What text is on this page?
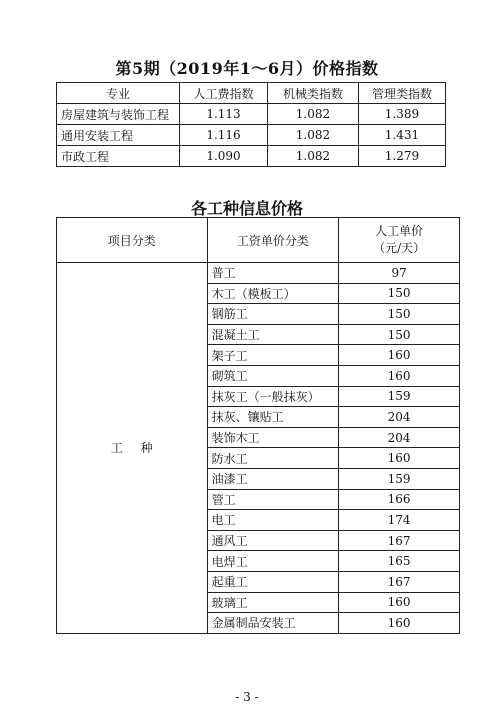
第5期（2019年1～6月）价格指数
专业	人工费指数	机械类指数	管理类指数
房屋建筑与装饰工程	1.113	1.082	1.389
通用安装工程	1.116	1.082	1.431
市政工程	1.090	1.082	1.279
各工种信息价格
项目分类	工资单价分类	人工单价
（元/天）

工种	普工	97
	木工（模板工）	150
	钢筋工	150
	混凝土工	150
	架子工	160
	砌筑工	160
	抹灰工（一般抹灰）	159
	抹灰、镶贴工	204
	装饰木工	204
	防水工	160
	油漆工	159
	管工	166
	电工	174
	通风工	167
	电焊工	165
	起重工	167
	玻璃工	160
	金属制品安装工	160
- 3 -
